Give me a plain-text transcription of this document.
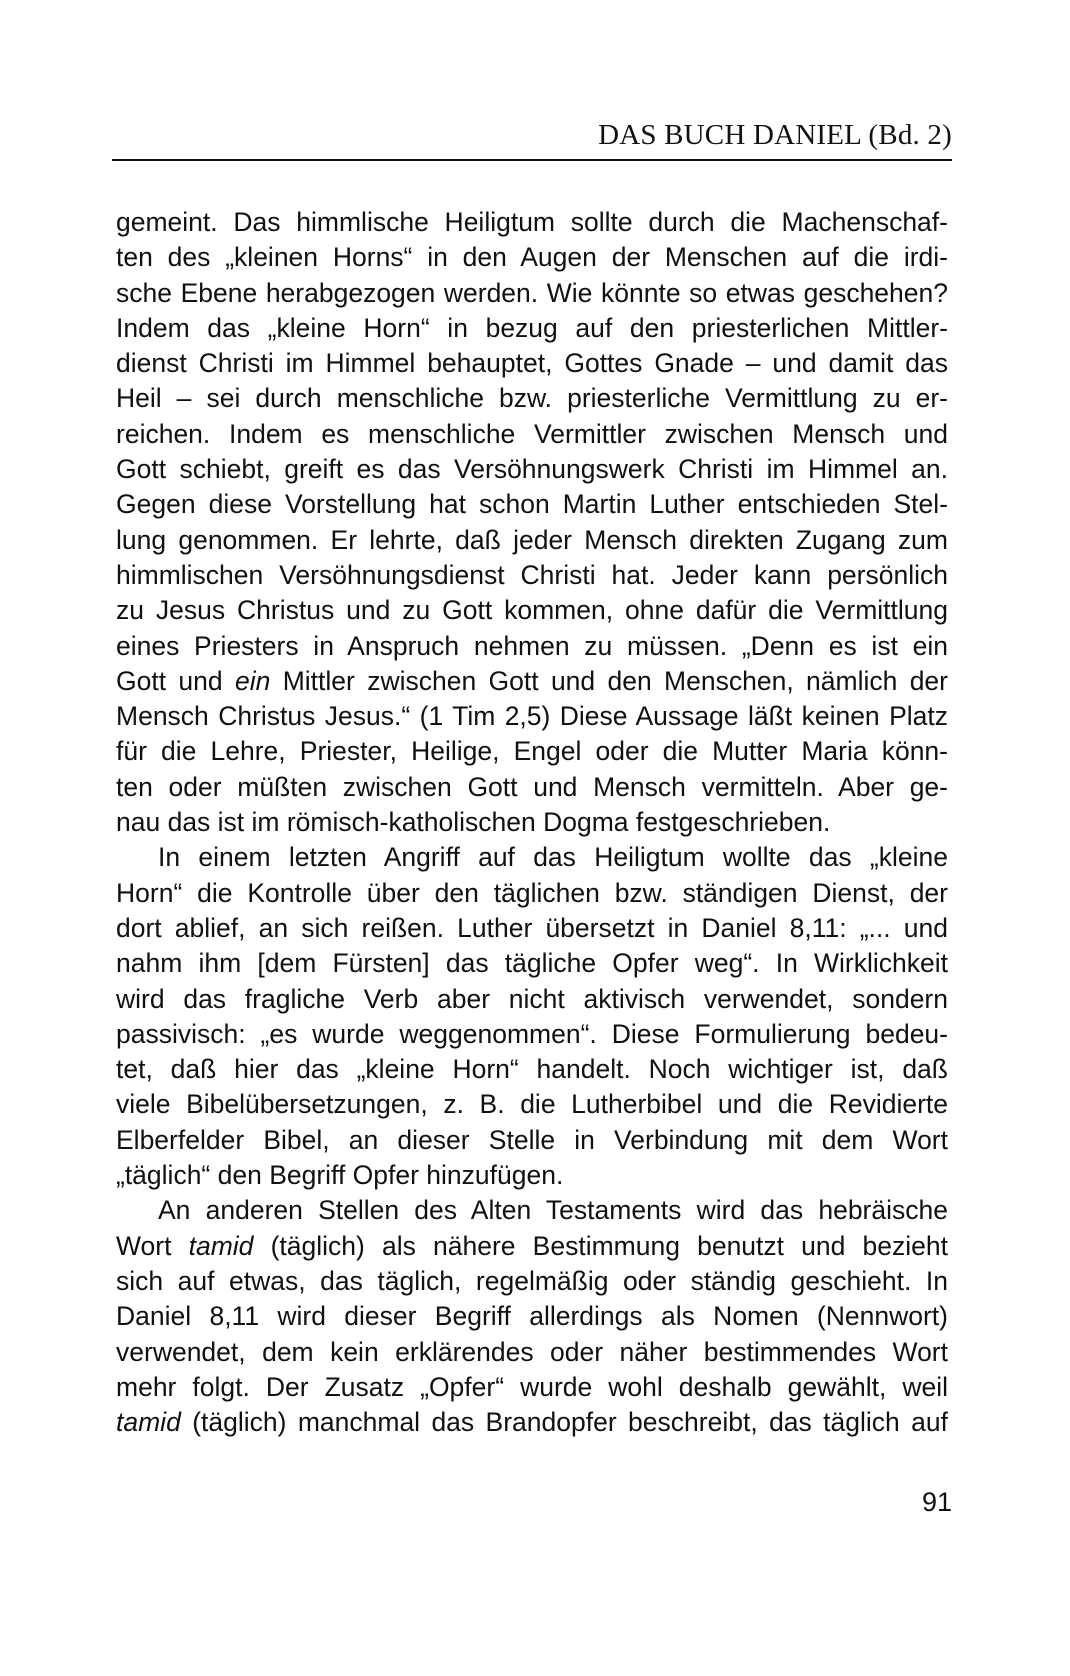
DAS BUCH DANIEL (Bd. 2)
gemeint. Das himmlische Heiligtum sollte durch die Machenschaf-
ten des „kleinen Horns“ in den Augen der Menschen auf die irdi-
sche Ebene herabgezogen werden. Wie könnte so etwas geschehen?
Indem das „kleine Horn“ in bezug auf den priesterlichen Mittler-
dienst Christi im Himmel behauptet, Gottes Gnade – und damit das
Heil – sei durch menschliche bzw. priesterliche Vermittlung zu er-
reichen. Indem es menschliche Vermittler zwischen Mensch und
Gott schiebt, greift es das Versöhnungswerk Christi im Himmel an.
Gegen diese Vorstellung hat schon Martin Luther entschieden Stel-
lung genommen. Er lehrte, daß jeder Mensch direkten Zugang zum
himmlischen Versöhnungsdienst Christi hat. Jeder kann persönlich
zu Jesus Christus und zu Gott kommen, ohne dafür die Vermittlung
eines Priesters in Anspruch nehmen zu müssen. „Denn es ist ein
Gott und ein Mittler zwischen Gott und den Menschen, nämlich der
Mensch Christus Jesus.“ (1 Tim 2,5) Diese Aussage läßt keinen Platz
für die Lehre, Priester, Heilige, Engel oder die Mutter Maria könn-
ten oder müßten zwischen Gott und Mensch vermitteln. Aber ge-
nau das ist im römisch-katholischen Dogma festgeschrieben.
In einem letzten Angriff auf das Heiligtum wollte das „kleine
Horn“ die Kontrolle über den täglichen bzw. ständigen Dienst, der
dort ablief, an sich reißen. Luther übersetzt in Daniel 8,11: „... und
nahm ihm [dem Fürsten] das tägliche Opfer weg“. In Wirklichkeit
wird das fragliche Verb aber nicht aktivisch verwendet, sondern
passivisch: „es wurde weggenommen“. Diese Formulierung bedeu-
tet, daß hier das „kleine Horn“ handelt. Noch wichtiger ist, daß
viele Bibelübersetzungen, z. B. die Lutherbibel und die Revidierte
Elberfelder Bibel, an dieser Stelle in Verbindung mit dem Wort
„täglich“ den Begriff Opfer hinzufügen.
An anderen Stellen des Alten Testaments wird das hebräische
Wort tamid (täglich) als nähere Bestimmung benutzt und bezieht
sich auf etwas, das täglich, regelmäßig oder ständig geschieht. In
Daniel 8,11 wird dieser Begriff allerdings als Nomen (Nennwort)
verwendet, dem kein erklärendes oder näher bestimmendes Wort
mehr folgt. Der Zusatz „Opfer“ wurde wohl deshalb gewählt, weil
tamid (täglich) manchmal das Brandopfer beschreibt, das täglich auf
91
